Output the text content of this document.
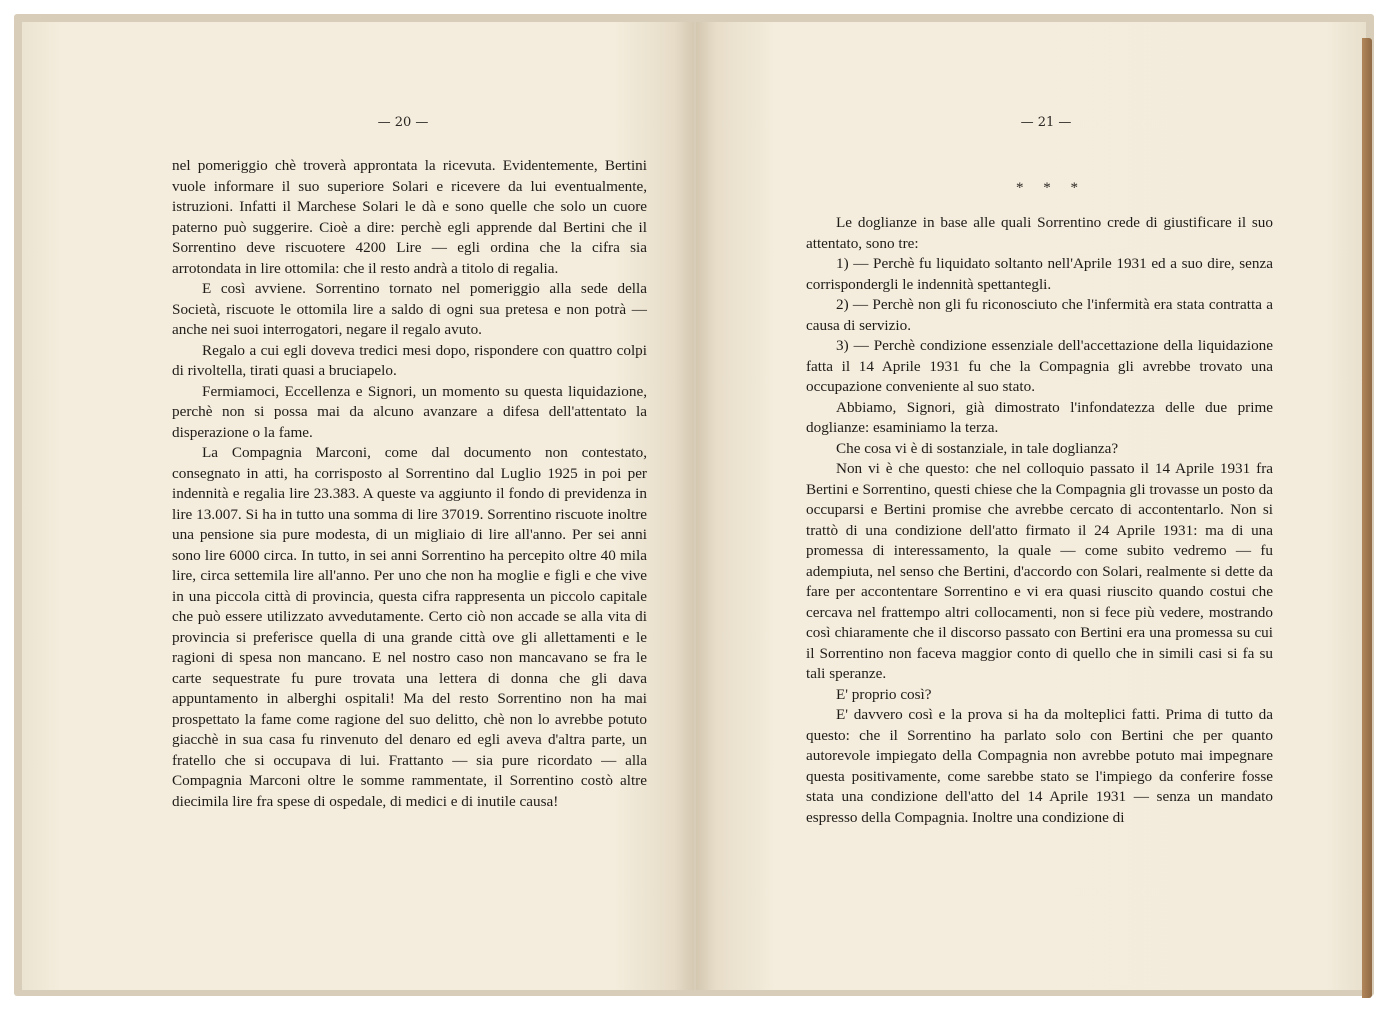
— 20 —

nel pomeriggio chè troverà approntata la ricevuta. Evidentemente, Bertini vuole informare il suo superiore Solari e ricevere da lui eventualmente, istruzioni. Infatti il Marchese Solari le dà e sono quelle che solo un cuore paterno può suggerire. Cioè a dire: perchè egli apprende dal Bertini che il Sorrentino deve riscuotere 4200 Lire — egli ordina che la cifra sia arrotondata in lire ottomila: che il resto andrà a titolo di regalia.

E così avviene. Sorrentino tornato nel pomeriggio alla sede della Società, riscuote le ottomila lire a saldo di ogni sua pretesa e non potrà — anche nei suoi interrogatori, negare il regalo avuto.

Regalo a cui egli doveva tredici mesi dopo, rispondere con quattro colpi di rivoltella, tirati quasi a bruciapelo.

Fermiamoci, Eccellenza e Signori, un momento su questa liquidazione, perchè non si possa mai da alcuno avanzare a difesa dell'attentato la disperazione o la fame.

La Compagnia Marconi, come dal documento non contestato, consegnato in atti, ha corrisposto al Sorrentino dal Luglio 1925 in poi per indennità e regalia lire 23.383. A queste va aggiunto il fondo di previdenza in lire 13.007. Si ha in tutto una somma di lire 37019. Sorrentino riscuote inoltre una pensione sia pure modesta, di un migliaio di lire all'anno. Per sei anni sono lire 6000 circa. In tutto, in sei anni Sorrentino ha percepito oltre 40 mila lire, circa settemila lire all'anno. Per uno che non ha moglie e figli e che vive in una piccola città di provincia, questa cifra rappresenta un piccolo capitale che può essere utilizzato avvedutamente. Certo ciò non accade se alla vita di provincia si preferisce quella di una grande città ove gli allettamenti e le ragioni di spesa non mancano. E nel nostro caso non mancavano se fra le carte sequestrate fu pure trovata una lettera di donna che gli dava appuntamento in alberghi ospitali! Ma del resto Sorrentino non ha mai prospettato la fame come ragione del suo delitto, chè non lo avrebbe potuto giacchè in sua casa fu rinvenuto del denaro ed egli aveva d'altra parte, un fratello che si occupava di lui. Frattanto — sia pure ricordato — alla Compagnia Marconi oltre le somme rammentate, il Sorrentino costò altre diecimila lire fra spese di ospedale, di medici e di inutile causa!

— 21 —
* * *

Le doglianze in base alle quali Sorrentino crede di giustificare il suo attentato, sono tre:

1) — Perchè fu liquidato soltanto nell'Aprile 1931 ed a suo dire, senza corrispondergli le indennità spettantegli.

2) — Perchè non gli fu riconosciuto che l'infermità era stata contratta a causa di servizio.

3) — Perchè condizione essenziale dell'accettazione della liquidazione fatta il 14 Aprile 1931 fu che la Compagnia gli avrebbe trovato una occupazione conveniente al suo stato.

Abbiamo, Signori, già dimostrato l'infondatezza delle due prime doglianze: esaminiamo la terza.

Che cosa vi è di sostanziale, in tale doglianza?

Non vi è che questo: che nel colloquio passato il 14 Aprile 1931 fra Bertini e Sorrentino, questi chiese che la Compagnia gli trovasse un posto da occuparsi e Bertini promise che avrebbe cercato di accontentarlo. Non si trattò di una condizione dell'atto firmato il 24 Aprile 1931: ma di una promessa di interessamento, la quale — come subito vedremo — fu adempiuta, nel senso che Bertini, d'accordo con Solari, realmente si dette da fare per accontentare Sorrentino e vi era quasi riuscito quando costui che cercava nel frattempo altri collocamenti, non si fece più vedere, mostrando così chiaramente che il discorso passato con Bertini era una promessa su cui il Sorrentino non faceva maggior conto di quello che in simili casi si fa su tali speranze.

E' proprio così?

E' davvero così e la prova si ha da molteplici fatti. Prima di tutto da questo: che il Sorrentino ha parlato solo con Bertini che per quanto autorevole impiegato della Compagnia non avrebbe potuto mai impegnare questa positivamente, come sarebbe stato se l'impiego da conferire fosse stata una condizione dell'atto del 14 Aprile 1931 — senza un mandato espresso della Compagnia. Inoltre una condizione di
